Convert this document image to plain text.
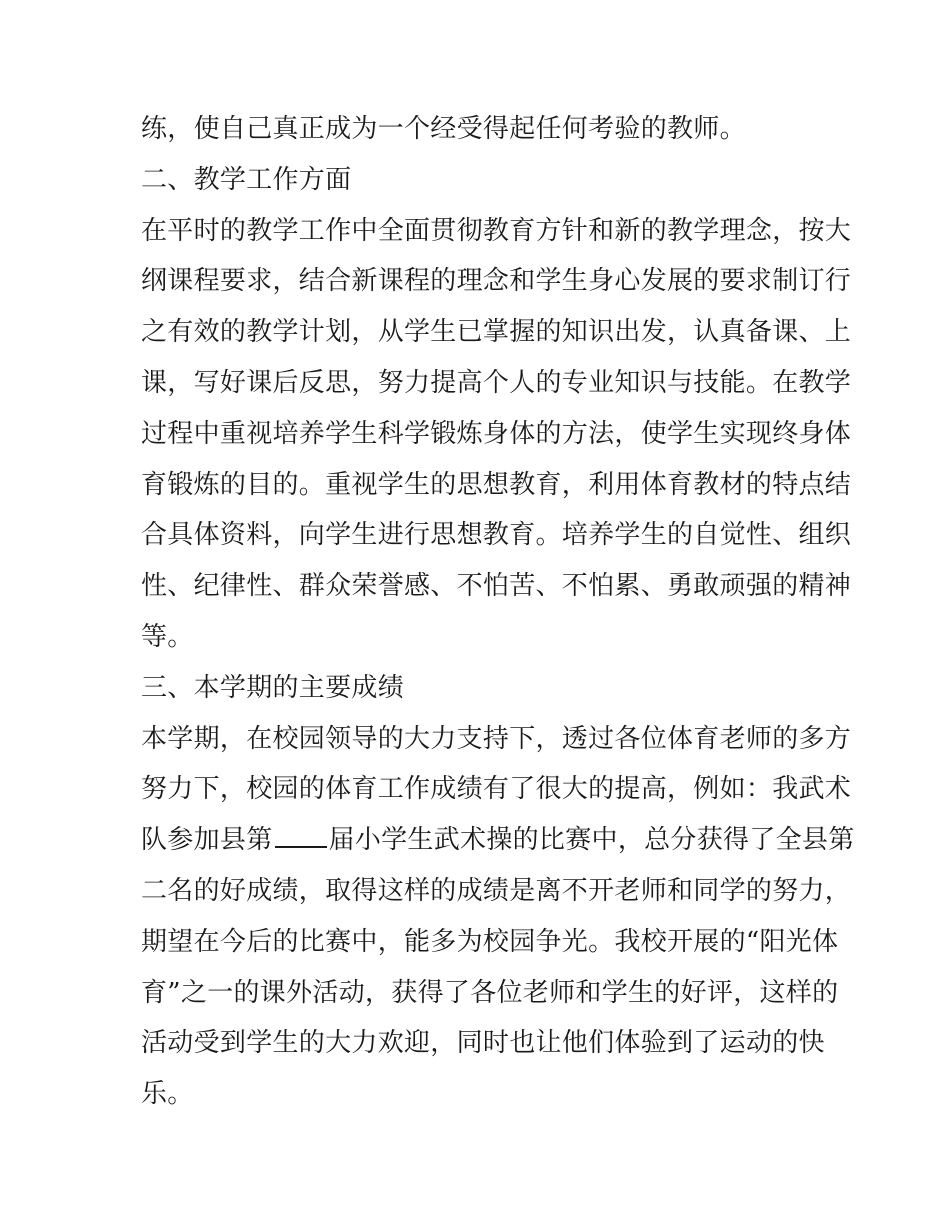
练，使自己真正成为一个经受得起任何考验的教师。
二、教学工作方面
在平时的教学工作中全面贯彻教育方针和新的教学理念，按大
纲课程要求，结合新课程的理念和学生身心发展的要求制订行
之有效的教学计划，从学生已掌握的知识出发，认真备课、上
课，写好课后反思，努力提高个人的专业知识与技能。在教学
过程中重视培养学生科学锻炼身体的方法，使学生实现终身体
育锻炼的目的。重视学生的思想教育，利用体育教材的特点结
合具体资料，向学生进行思想教育。培养学生的自觉性、组织
性、纪律性、群众荣誉感、不怕苦、不怕累、勇敢顽强的精神
等。
三、本学期的主要成绩
本学期，在校园领导的大力支持下，透过各位体育老师的多方
努力下，校园的体育工作成绩有了很大的提高，例如：我武术
队参加县第 届小学生武术操的比赛中，总分获得了全县第
二名的好成绩，取得这样的成绩是离不开老师和同学的努力，
期望在今后的比赛中，能多为校园争光。我校开展的“阳光体
育”之一的课外活动，获得了各位老师和学生的好评，这样的
活动受到学生的大力欢迎，同时也让他们体验到了运动的快
乐。
